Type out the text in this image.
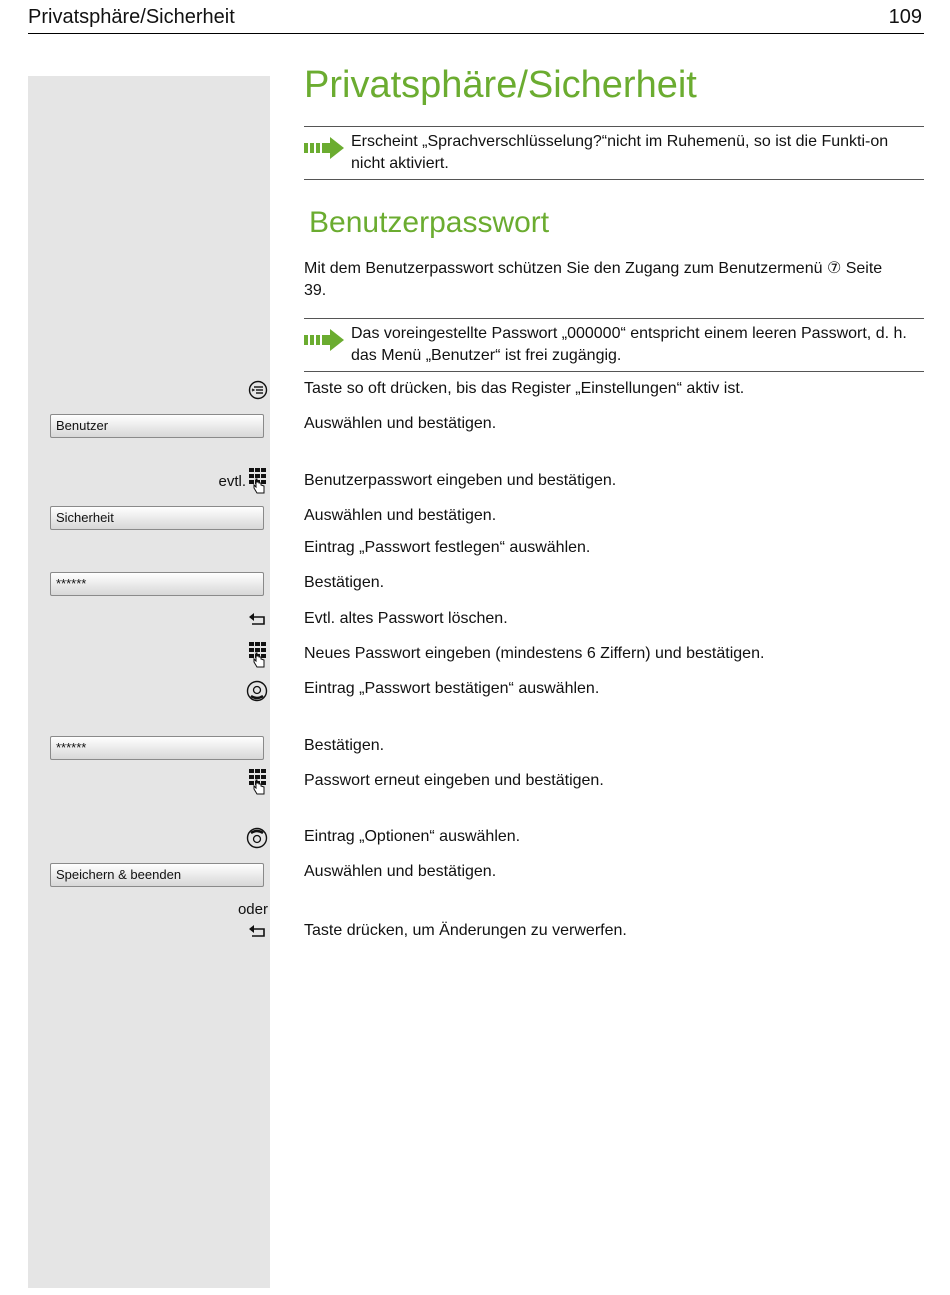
Privatsphäre/Sicherheit	109
Privatsphäre/Sicherheit
Erscheint „Sprachverschlüsselung?“nicht im Ruhemenü, so ist die Funkti-on nicht aktiviert.
Benutzerpasswort
Mit dem Benutzerpasswort schützen Sie den Zugang zum Benutzermenü ⑦ Seite 39.
Das voreingestellte Passwort „000000“ entspricht einem leeren Passwort, d. h. das Menü „Benutzer“ ist frei zugängig.
Benutzer
evtl.
Sicherheit
******
******
Speichern & beenden
oder
Taste so oft drücken, bis das Register „Einstellungen“ aktiv ist.
Auswählen und bestätigen.
Benutzerpasswort eingeben und bestätigen.
Auswählen und bestätigen.
Eintrag „Passwort festlegen“ auswählen.
Bestätigen.
Evtl. altes Passwort löschen.
Neues Passwort eingeben (mindestens 6 Ziffern) und bestätigen.
Eintrag „Passwort bestätigen“ auswählen.
Bestätigen.
Passwort erneut eingeben und bestätigen.
Eintrag „Optionen“ auswählen.
Auswählen und bestätigen.
Taste drücken, um Änderungen zu verwerfen.
